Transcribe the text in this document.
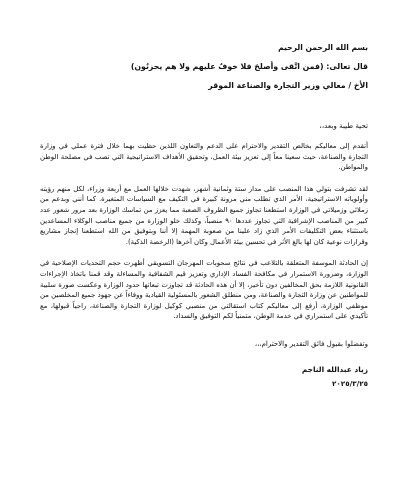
بسم الله الرحمن الرحيم
قال تعالى: (فمن اتَّقى وأصلحَ فلا خوفٌ عليهم ولا هم يحزنُون)
الأخ / معالي وزير التجارة والصناعة الموقر
تحية طيبة وبعد،،

أتقدم إلى معاليكم بخالص التقدير والاحترام على الدعم والتعاون اللذين حظيت بهما خلال فترة عملي في وزارة التجارة والصناعة، حيث سعينا معاً إلى تعزيز بيئة العمل، وتحقيق الأهداف الاستراتيجية التي تصب في مصلحة الوطن والمواطن.

لقد تشرفت بتولي هذا المنصب على مدار ستة وثمانية أشهر، شهدت خلالها العمل مع أربعة وزراء، لكل منهم رؤيته وأولوياته الاستراتيجية، الأمر الذي تطلب مني مرونة كبيرة في التكيف مع السياسات المتغيرة. كما أنني وبدعم من زملائي وزميلاتي في الوزارة استطعنا تجاوز جميع الظروف الصعبة مما يعزز من تماسك الوزارة بعد مرور شعور عدد كبير من المناصب الإشرافية التي تجاوز عددها ٩٠ منصباً، وكذلك خلو الوزارة من جميع مناصب الوكلاء المساعدين باستثناء بعض التكليفات الأمر الذي زاد علينا من صعوبة المهمة إلا أننا وبتوفيق من الله استطعنا إنجاز مشاريع وقرارات نوعية كان لها بالغ الأثر في تحسين بيئة الأعمال وكان آخرها (الرخصة الذكية).

إن الحادثة الموسفة المتعلقة بالتلاعب في نتائج سحوبات المهرجان التسويقي أظهرت حجم التحديات الإصلاحية في الوزارة، وضرورة الاستمرار في مكافحة الفساد الإداري وتعزيز قيم الشفافية والمساءلة وقد قمنا باتخاذ الإجراءات القانونية اللازمة بحق المخالفين دون تأخير، إلا أن هذه الحادثة قد تجاوزت تبعاتها حدود الوزارة وعكست صورة سلبية للمواطنين عن وزارة التجارة والصناعة، ومن منطلق الشعور بالمسئولية القيادية ووفاءاً عن جهود جميع المخلصين من موظفي الوزارة، أرفع إلى معاليكم كتاب استقالتي من منصبي كوكيل لوزارة التجارة والصناعة، راجياً قبولها، مع تأكيدي على استمراري في خدمة الوطن، متمنياً لكم التوفيق والسداد.

وتفضلوا بقبول فائق التقدير والاحترام،،،
زياد عبدالله الناجم
٢٠٢٥/٣/٢٥
